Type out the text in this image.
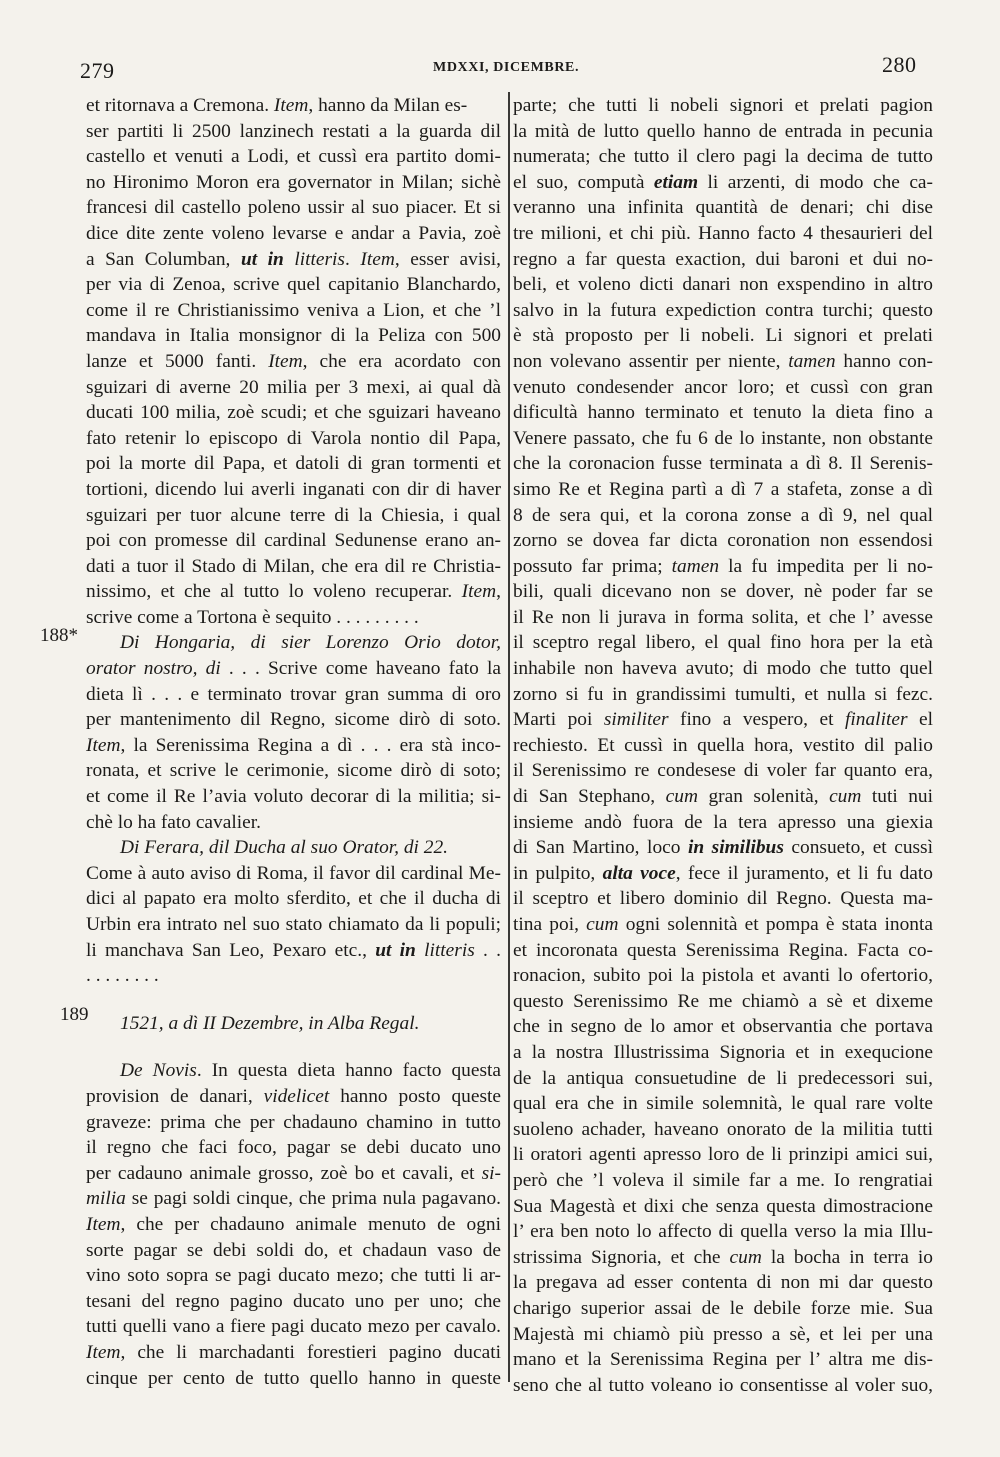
279	MDXXI, DICEMBRE.	280
188*
189
et ritornava a Cremona. Item, hanno da Milan es-
ser partiti li 2500 lanzinech restati a la guarda dil
castello et venuti a Lodi, et cussì era partito domi-
no Hironimo Moron era governator in Milan; sichè
francesi dil castello poleno ussir al suo piacer. Et si
dice dite zente voleno levarse e andar a Pavia, zoè
a San Columban, ut in litteris. Item, esser avisi,
per via di Zenoa, scrive quel capitanio Blanchardo,
come il re Christianissimo veniva a Lion, et che ’l
mandava in Italia monsignor di la Peliza con 500
lanze et 5000 fanti. Item, che era acordato con
sguizari di averne 20 milia per 3 mexi, ai qual dà
ducati 100 milia, zoè scudi; et che sguizari haveano
fato retenir lo episcopo di Varola nontio dil Papa,
poi la morte dil Papa, et datoli di gran tormenti et
tortioni, dicendo lui averli inganati con dir di haver
sguizari per tuor alcune terre di la Chiesia, i qual
poi con promesse dil cardinal Sedunense erano an-
dati a tuor il Stado di Milan, che era dil re Christia-
nissimo, et che al tutto lo voleno recuperar. Item,
scrive come a Tortona è sequito . . . . . . . . .
Di Hongaria, di sier Lorenzo Orio dotor,
orator nostro, di . . . Scrive come haveano fato la
dieta lì . . . e terminato trovar gran summa di oro
per mantenimento dil Regno, sicome dirò di soto.
Item, la Serenissima Regina a dì . . . era stà inco-
ronata, et scrive le cerimonie, sicome dirò di soto;
et come il Re l’avia voluto decorar di la militia; si-
chè lo ha fato cavalier.
Di Ferara, dil Ducha al suo Orator, di 22.
Come à auto aviso di Roma, il favor dil cardinal Me-
dici al papato era molto sferdito, et che il ducha di
Urbin era intrato nel suo stato chiamato da li populi;
li manchava San Leo, Pexaro etc., ut in litteris . .
. . . . . . . .
1521, a dì II Dezembre, in Alba Regal.
De Novis. In questa dieta hanno facto questa
provision de danari, videlicet hanno posto queste
graveze: prima che per chadauno chamino in tutto
il regno che faci foco, pagar se debi ducato uno
per cadauno animale grosso, zoè bo et cavali, et si-
milia se pagi soldi cinque, che prima nula pagavano.
Item, che per chadauno animale menuto de ogni
sorte pagar se debi soldi do, et chadaun vaso de
vino soto sopra se pagi ducato mezo; che tutti li ar-
tesani del regno pagino ducato uno per uno; che
tutti quelli vano a fiere pagi ducato mezo per cavalo.
Item, che li marchadanti forestieri pagino ducati
cinque per cento de tutto quello hanno in queste
parte; che tutti li nobeli signori et prelati pagion
la mità de lutto quello hanno de entrada in pecunia
numerata; che tutto il clero pagi la decima de tutto
el suo, computà etiam li arzenti, di modo che ca-
veranno una infinita quantità de denari; chi dise
tre milioni, et chi più. Hanno facto 4 thesaurieri del
regno a far questa exaction, dui baroni et dui no-
beli, et voleno dicti danari non exspendino in altro
salvo in la futura expediction contra turchi; questo
è stà proposto per li nobeli. Li signori et prelati
non volevano assentir per niente, tamen hanno con-
venuto condesender ancor loro; et cussì con gran
dificultà hanno terminato et tenuto la dieta fino a
Venere passato, che fu 6 de lo instante, non obstante
che la coronacion fusse terminata a dì 8. Il Serenis-
simo Re et Regina partì a dì 7 a stafeta, zonse a dì
8 de sera qui, et la corona zonse a dì 9, nel qual
zorno se dovea far dicta coronation non essendosi
possuto far prima; tamen la fu impedita per li no-
bili, quali dicevano non se dover, nè poder far se
il Re non li jurava in forma solita, et che l’ avesse
il sceptro regal libero, el qual fino hora per la età
inhabile non haveva avuto; di modo che tutto quel
zorno si fu in grandissimi tumulti, et nulla si fezc.
Marti poi similiter fino a vespero, et finaliter el
rechiesto. Et cussì in quella hora, vestito dil palio
il Serenissimo re condesese di voler far quanto era,
di San Stephano, cum gran solenità, cum tuti nui
insieme andò fuora de la tera apresso una giexia
di San Martino, loco in similibus consueto, et cussì
in pulpito, alta voce, fece il juramento, et li fu dato
il sceptro et libero dominio dil Regno. Questa ma-
tina poi, cum ogni solennità et pompa è stata inonta
et incoronata questa Serenissima Regina. Facta co-
ronacion, subito poi la pistola et avanti lo ofertorio,
questo Serenissimo Re me chiamò a sè et dixeme
che in segno de lo amor et observantia che portava
a la nostra Illustrissima Signoria et in exequcione
de la antiqua consuetudine de li predecessori sui,
qual era che in simile solemnità, le qual rare volte
suoleno achader, haveano onorato de la militia tutti
li oratori agenti apresso loro de li prinzipi amici sui,
però che ’l voleva il simile far a me. Io rengratiai
Sua Magestà et dixi che senza questa dimostracione
l’ era ben noto lo affecto di quella verso la mia Illu-
strissima Signoria, et che cum la bocha in terra io
la pregava ad esser contenta di non mi dar questo
charigo superior assai de le debile forze mie. Sua
Majestà mi chiamò più presso a sè, et lei per una
mano et la Serenissima Regina per l’ altra me dis-
seno che al tutto voleano io consentisse al voler suo,
